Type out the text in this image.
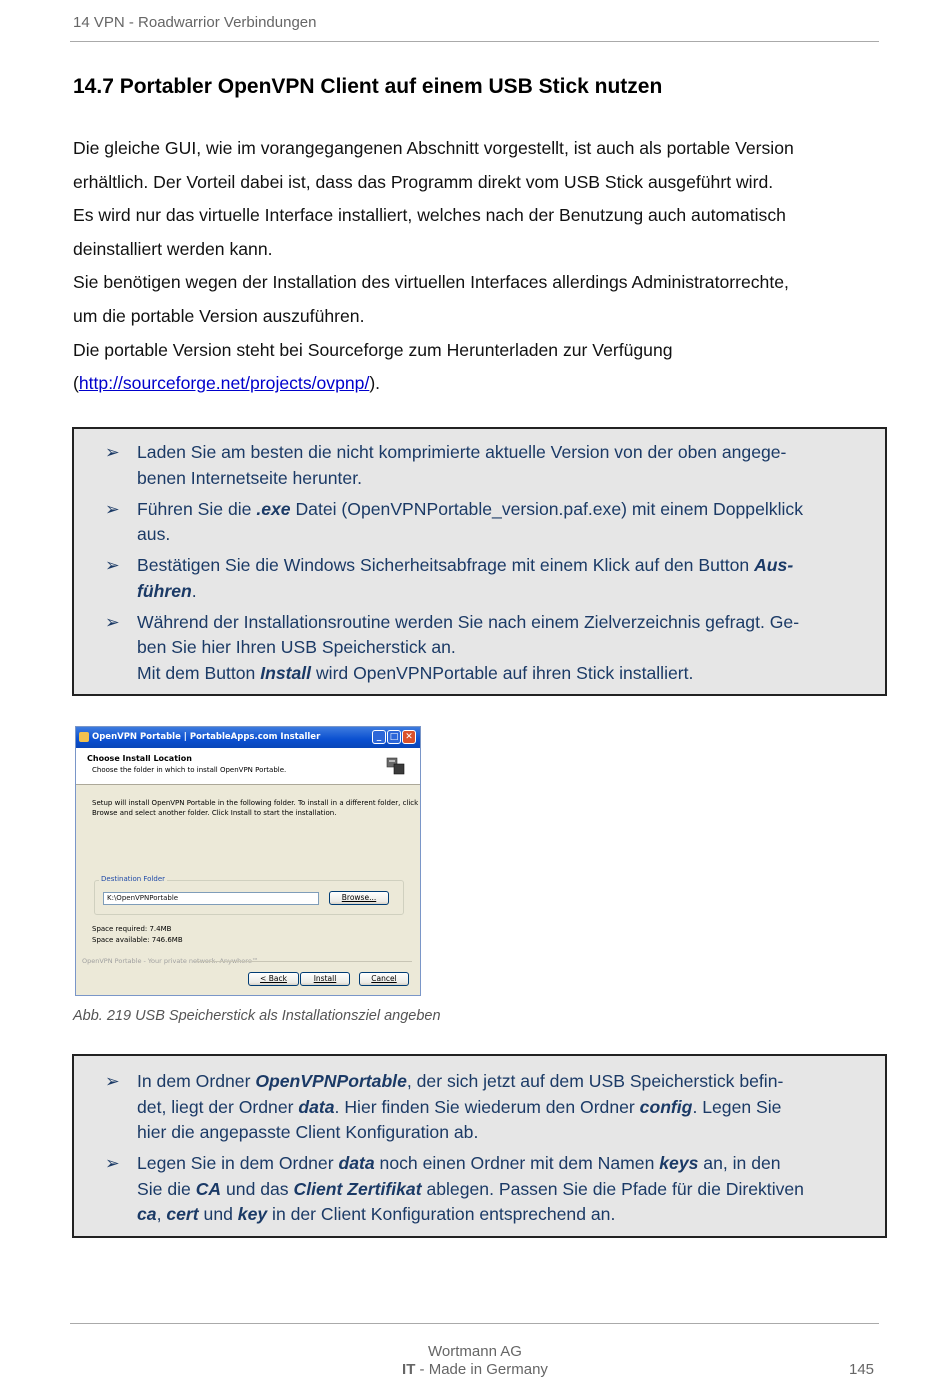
14 VPN - Roadwarrior Verbindungen
14.7 Portabler OpenVPN Client auf einem USB Stick nutzen
Die gleiche GUI, wie im vorangegangenen Abschnitt vorgestellt, ist auch als portable Version
erhältlich. Der Vorteil dabei ist, dass das Programm direkt vom USB Stick ausgeführt wird.
Es wird nur das virtuelle Interface installiert, welches nach der Benutzung auch automatisch
deinstalliert werden kann.
Sie benötigen wegen der Installation des virtuellen Interfaces allerdings Administratorrechte,
um die portable Version auszuführen.
Die portable Version steht bei Sourceforge zum Herunterladen zur Verfügung
(http://sourceforge.net/projects/ovpnp/).
➢ Laden Sie am besten die nicht komprimierte aktuelle Version von der oben angege-
benen Internetseite herunter.
➢ Führen Sie die .exe Datei (OpenVPNPortable_version.paf.exe) mit einem Doppelklick
aus.
➢ Bestätigen Sie die Windows Sicherheitsabfrage mit einem Klick auf den Button Aus-
führen.
➢ Während der Installationsroutine werden Sie nach einem Zielverzeichnis gefragt. Ge-
ben Sie hier Ihren USB Speicherstick an.
Mit dem Button Install wird OpenVPNPortable auf ihren Stick installiert.
OpenVPN Portable | PortableApps.com Installer	_ □ ✕
Choose Install Location
Choose the folder in which to install OpenVPN Portable.
Setup will install OpenVPN Portable in the following folder. To install in a different folder, click
Browse and select another folder. Click Install to start the installation.
Destination Folder
K:\OpenVPNPortable	Browse...
Space required: 7.4MB
Space available: 746.6MB
OpenVPN Portable - Your private network. Anywhere™
< Back	Install	Cancel
Abb. 219 USB Speicherstick als Installationsziel angeben
➢ In dem Ordner OpenVPNPortable, der sich jetzt auf dem USB Speicherstick befin-
det, liegt der Ordner data. Hier finden Sie wiederum den Ordner config. Legen Sie
hier die angepasste Client Konfiguration ab.
➢ Legen Sie in dem Ordner data noch einen Ordner mit dem Namen keys an, in den
Sie die CA und das Client Zertifikat ablegen. Passen Sie die Pfade für die Direktiven
ca, cert und key in der Client Konfiguration entsprechend an.
Wortmann AG
IT - Made in Germany	145
